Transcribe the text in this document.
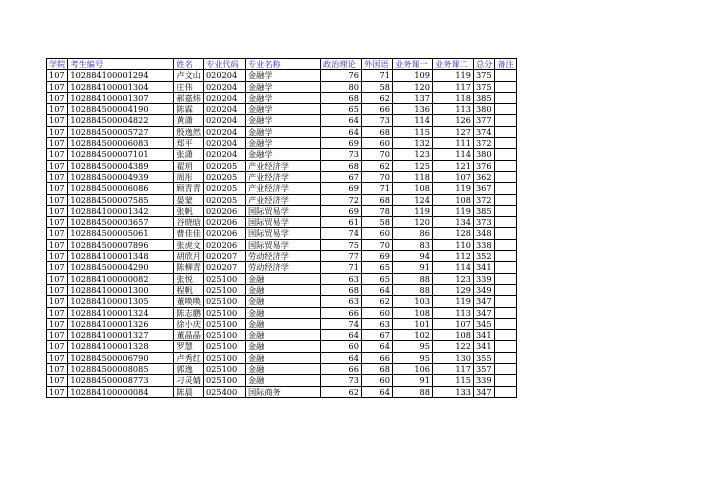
学院	考生编号	姓名	专业代码	专业名称	政治理论	外国语	业务课一	业务课二	总分	备注
107	102884100001294	卢文山	020204	金融学	76	71	109	119	375	
107	102884100001304	庄伟	020204	金融学	80	58	120	117	375	
107	102884100001307	郝嘉炜	020204	金融学	68	62	137	118	385	
107	102884500004190	陈霖	020204	金融学	65	66	136	113	380	
107	102884500004822	黄潇	020204	金融学	64	73	114	126	377	
107	102884500005727	殷逸然	020204	金融学	64	68	115	127	374	
107	102884500006083	郑平	020204	金融学	69	60	132	111	372	
107	102884500007101	张潇	020204	金融学	73	70	123	114	380	
107	102884500004389	翟玥	020205	产业经济学	68	62	125	121	376	
107	102884500004939	周彤	020205	产业经济学	67	70	118	107	362	
107	102884500006086	顾青青	020205	产业经济学	69	71	108	119	367	
107	102884500007585	晏蒙	020205	产业经济学	72	68	124	108	372	
107	102884100001342	张帆	020206	国际贸易学	69	78	119	119	385	
107	102884500003657	谷晓晗	020206	国际贸易学	61	58	120	134	373	
107	102884500005061	曹佳佳	020206	国际贸易学	74	60	86	128	348	
107	102884500007896	张虎文	020206	国际贸易学	75	70	83	110	338	
107	102884100001348	胡欣月	020207	劳动经济学	77	69	94	112	352	
107	102884500004290	陈柳青	020207	劳动经济学	71	65	91	114	341	
107	102884100000082	张悦	025100	金融	63	65	88	123	339	
107	102884100001300	程帆	025100	金融	68	64	88	129	349	
107	102884100001305	董唤唤	025100	金融	63	62	103	119	347	
107	102884100001324	陈志鹏	025100	金融	66	60	108	113	347	
107	102884100001326	徐小庆	025100	金融	74	63	101	107	345	
107	102884100001327	董晶晶	025100	金融	64	67	102	108	341	
107	102884100001328	罗慧	025100	金融	60	64	95	122	341	
107	102884500006790	卢秀红	025100	金融	64	66	95	130	355	
107	102884500008085	郭逸	025100	金融	66	68	106	117	357	
107	102884500008773	刁灵婧	025100	金融	73	60	91	115	339	
107	102884100000084	陈晨	025400	国际商务	62	64	88	133	347	
